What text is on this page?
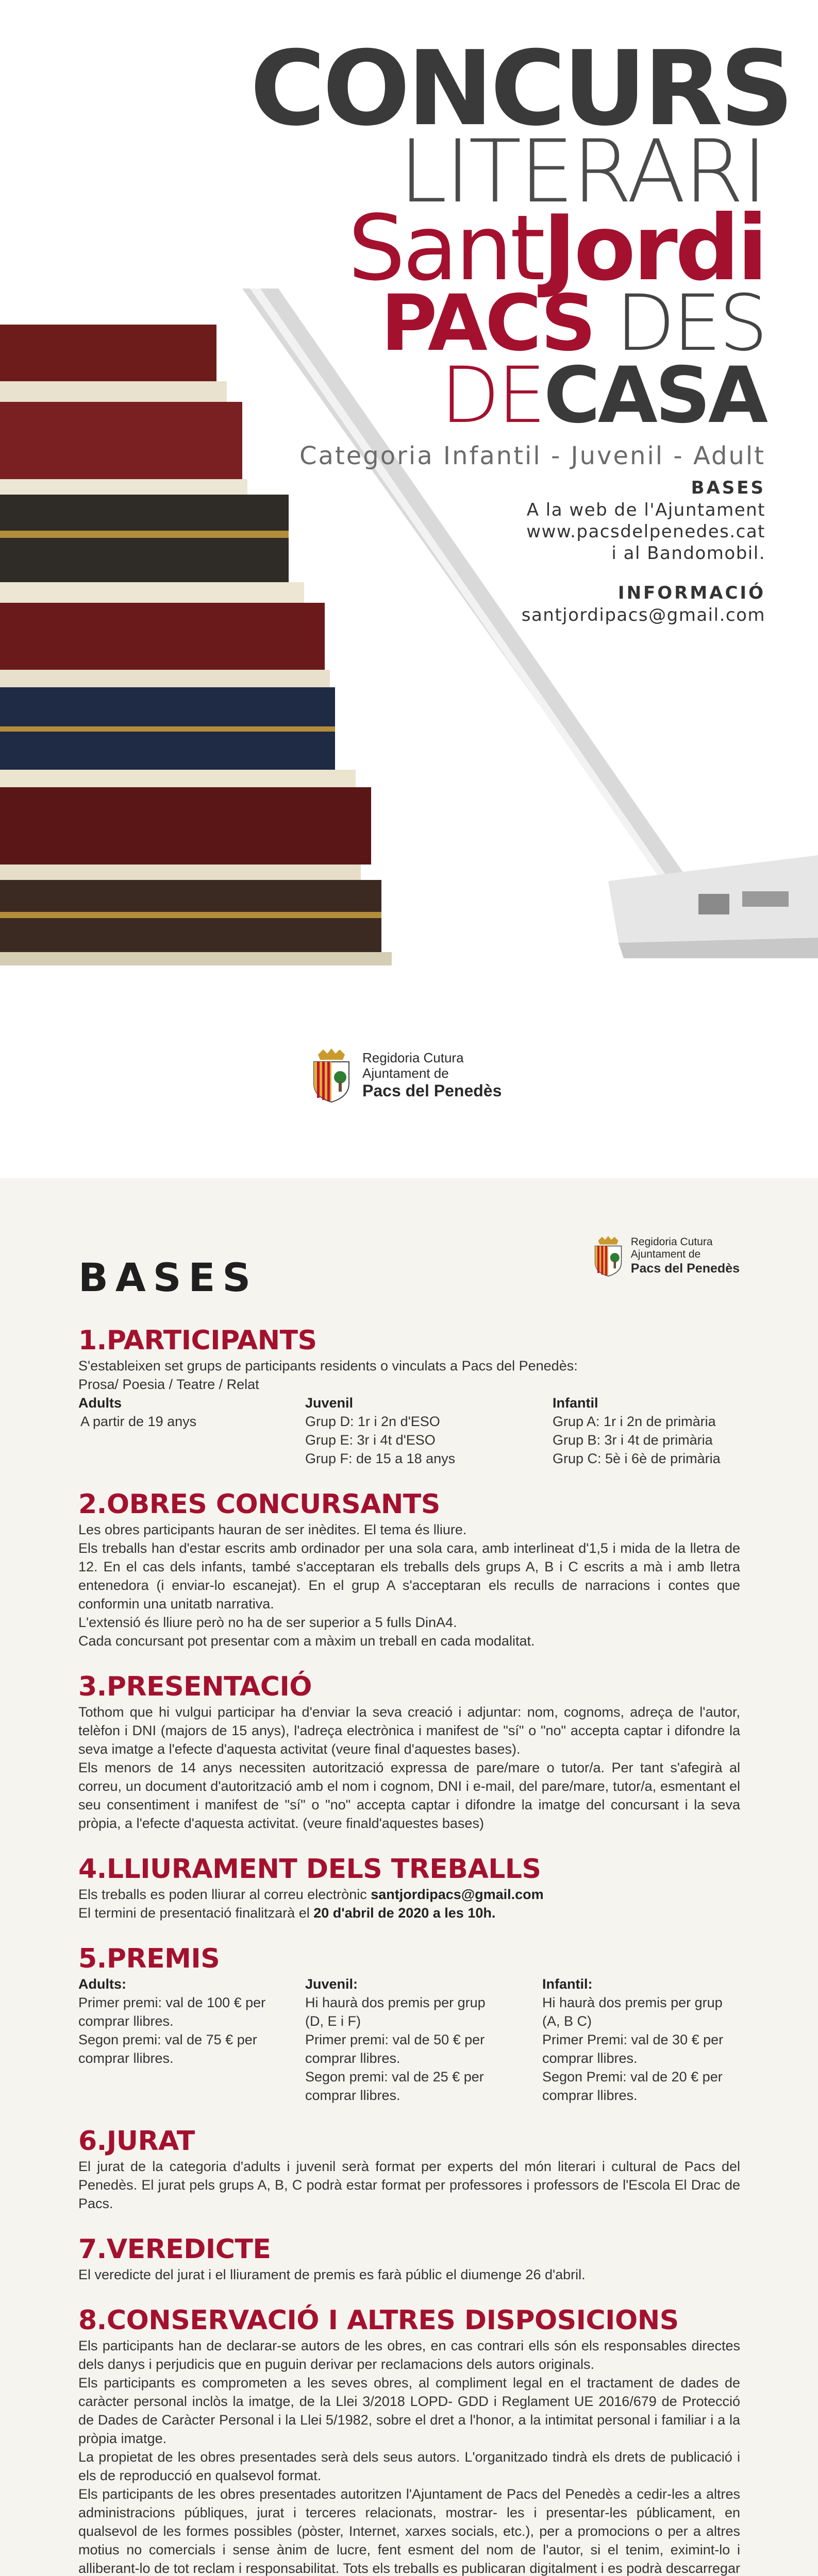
CONCURS
LITERARI
SantJordi
PACS DES DECASA
Categoria Infantil - Juvenil - Adult
BASES
A la web de l'Ajuntament
www.pacsdelpenedes.cat
i al Bandomobil.
INFORMACIÓ
santjordipacs@gmail.com
Regidoria Cutura
Ajuntament de
Pacs del Penedès
Regidoria Cutura
Ajuntament de
Pacs del Penedès
BASES
1.PARTICIPANTS
S'estableixen set grups de participants residents o vinculats a Pacs del Penedès:
Prosa/ Poesia / Teatre / Relat
Adults
A partir de 19 anys
Juvenil
Grup D: 1r i 2n d'ESO
Grup E: 3r i 4t d'ESO
Grup F: de 15 a 18 anys
Infantil
Grup A: 1r i 2n de primària
Grup B: 3r i 4t de primària
Grup C: 5è i 6è de primària
2.OBRES CONCURSANTS
Les obres participants hauran de ser inèdites. El tema és lliure.
Els treballs han d'estar escrits amb ordinador per una sola cara, amb interlineat d'1,5 i mida de la lletra de 12. En el cas dels infants, també s'acceptaran els treballs dels grups A, B i C escrits a mà i amb lletra entenedora (i enviar-lo escanejat). En el grup A s'acceptaran els reculls de narracions i contes que conformin una unitatb narrativa.
L'extensió és lliure però no ha de ser superior a 5 fulls DinA4.
Cada concursant pot presentar com a màxim un treball en cada modalitat.
3.PRESENTACIÓ
Tothom que hi vulgui participar ha d'enviar la seva creació i adjuntar: nom, cognoms, adreça de l'autor, telèfon i DNI (majors de 15 anys), l'adreça electrònica i manifest de "sí" o "no" accepta captar i difondre la seva imatge a l'efecte d'aquesta activitat (veure final d'aquestes bases).
Els menors de 14 anys necessiten autorització expressa de pare/mare o tutor/a. Per tant s'afegirà al correu, un document d'autorització amb el nom i cognom, DNI i e-mail, del pare/mare, tutor/a, esmentant el seu consentiment i manifest de "sí" o "no" accepta captar i difondre la imatge del concursant i la seva pròpia, a l'efecte d'aquesta activitat. (veure finald'aquestes bases)
4.LLIURAMENT DELS TREBALLS
Els treballs es poden lliurar al correu electrònic santjordipacs@gmail.com
El termini de presentació finalitzarà el 20 d'abril de 2020 a les 10h.
5.PREMIS
Adults:
Primer premi: val de 100 € per
comprar llibres.
Segon premi: val de 75 € per
comprar llibres.
Juvenil:
Hi haurà dos premis per grup
(D, E i F)
Primer premi: val de 50 € per
comprar llibres.
Segon premi: val de 25 € per
comprar llibres.
Infantil:
Hi haurà dos premis per grup
(A, B C)
Primer Premi: val de 30 € per
comprar llibres.
Segon Premi: val de 20 € per
comprar llibres.
6.JURAT
El jurat de la categoria d'adults i juvenil serà format per experts del món literari i cultural de Pacs del Penedès. El jurat pels grups A, B, C podrà estar format per professores i professors de l'Escola El Drac de Pacs.
7.VEREDICTE
El veredicte del jurat i el lliurament de premis es farà públic el diumenge 26 d'abril.
8.CONSERVACIÓ I ALTRES DISPOSICIONS
Els participants han de declarar-se autors de les obres, en cas contrari ells són els responsables directes dels danys i perjudicis que en puguin derivar per reclamacions dels autors originals.
Els participants es comprometen a les seves obres, al compliment legal en el tractament de dades de caràcter personal inclòs la imatge, de la Llei 3/2018 LOPD- GDD i Reglament UE 2016/679 de Protecció de Dades de Caràcter Personal i la Llei 5/1982, sobre el dret a l'honor, a la intimitat personal i familiar i a la pròpia imatge.
La propietat de les obres presentades serà dels seus autors. L'organitzado tindrà els drets de publicació i els de reproducció en qualsevol format.
Els participants de les obres presentades autoritzen l'Ajuntament de Pacs del Penedès a cedir-les a altres administracions públiques, jurat i terceres relacionats, mostrar- les i presentar-les públicament, en qualsevol de les formes possibles (pòster, Internet, xarxes socials, etc.), per a promocions o per a altres motius no comercials i sense ànim de lucre, fent esment del nom de l'autor, si el tenim, eximint-lo i alliberant-lo de tot reclam i responsabilitat. Tots els treballs es publicaran digitalment i es podrà descarregar
